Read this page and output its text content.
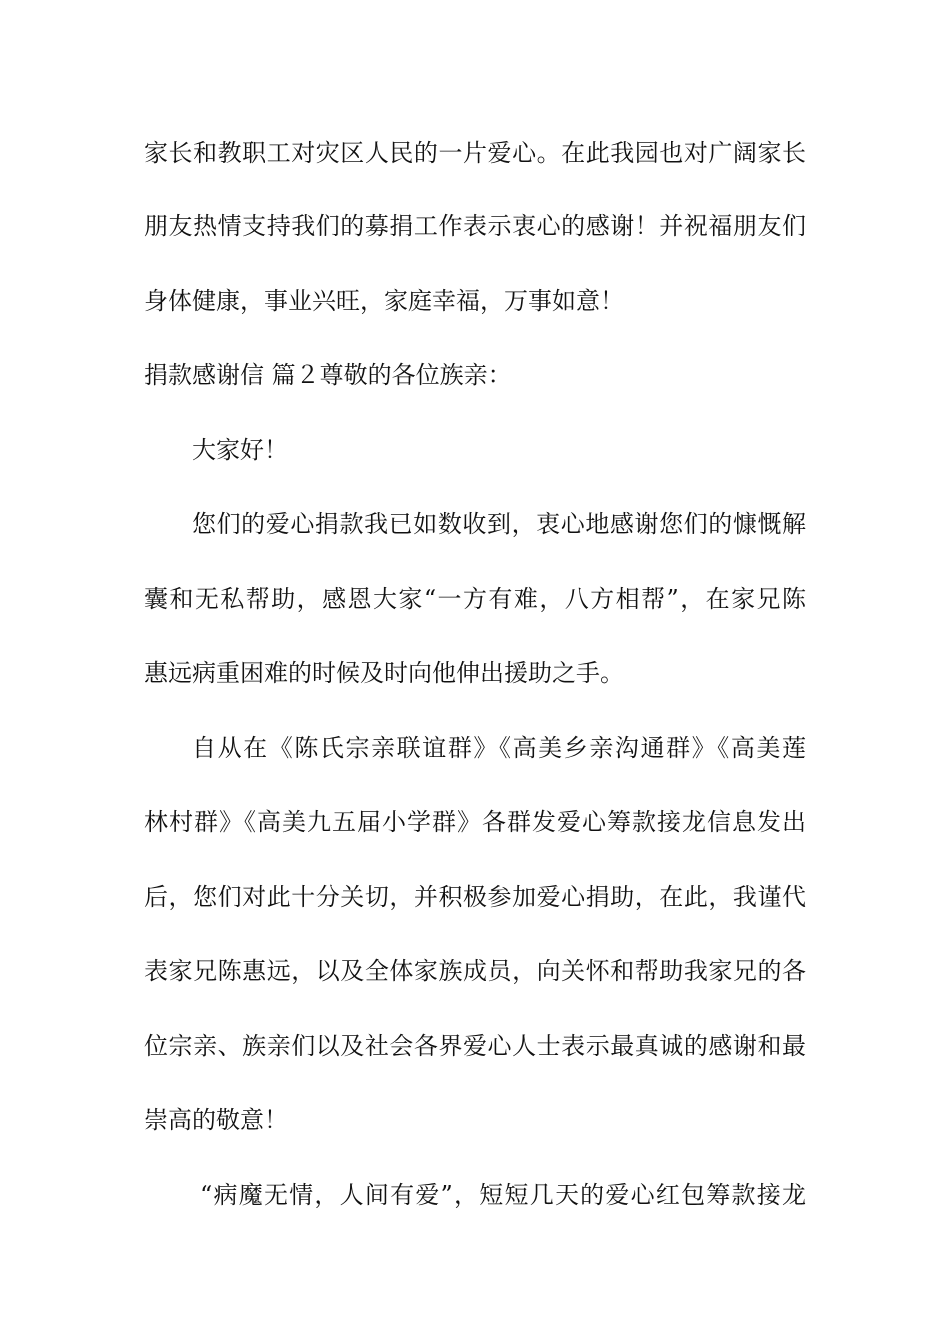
家长和教职工对灾区人民的一片爱心。在此我园也对广阔家长
朋友热情支持我们的募捐工作表示衷心的感谢！并祝福朋友们
身体健康，事业兴旺，家庭幸福，万事如意！
捐款感谢信 篇２尊敬的各位族亲：
大家好！
您们的爱心捐款我已如数收到，衷心地感谢您们的慷慨解
囊和无私帮助，感恩大家“一方有难，八方相帮”，在家兄陈
惠远病重困难的时候及时向他伸出援助之手。
自从在《陈氏宗亲联谊群》《高美乡亲沟通群》《高美莲
林村群》《高美九五届小学群》各群发爱心筹款接龙信息发出
后，您们对此十分关切，并积极参加爱心捐助，在此，我谨代
表家兄陈惠远，以及全体家族成员，向关怀和帮助我家兄的各
位宗亲、族亲们以及社会各界爱心人士表示最真诚的感谢和最
崇高的敬意！
“病魔无情，人间有爱”，短短几天的爱心红包筹款接龙
